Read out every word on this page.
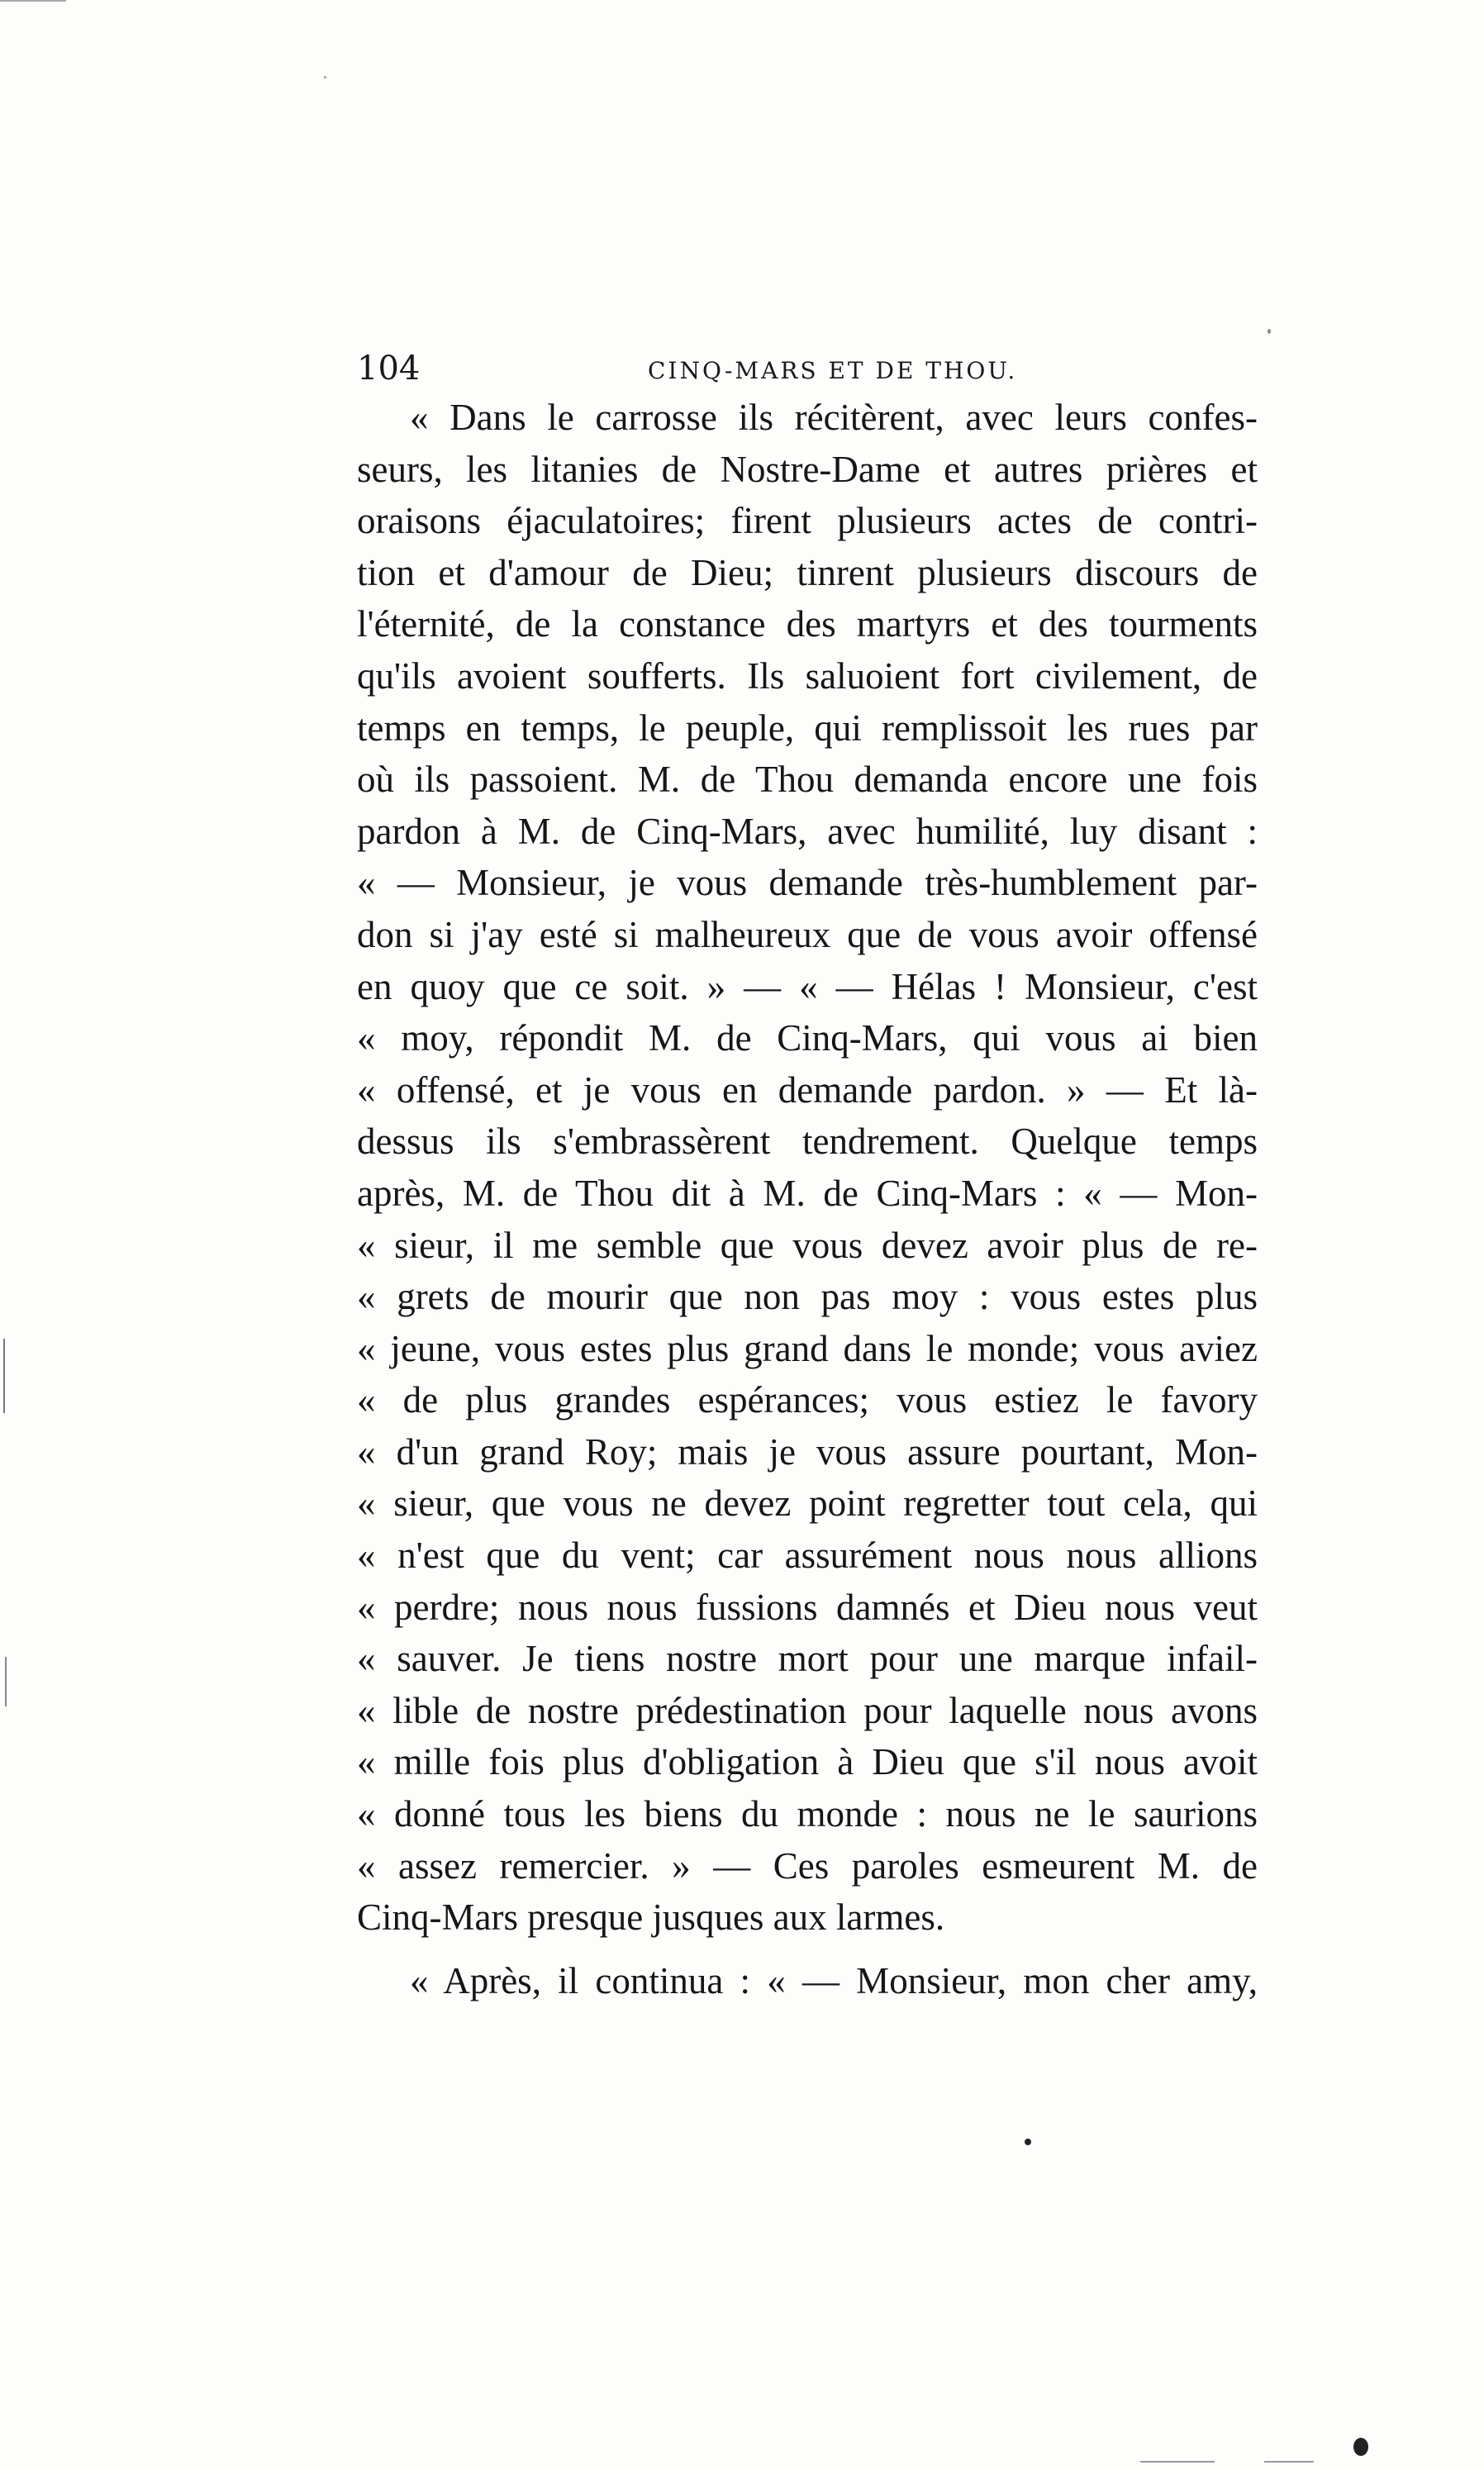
104	CINQ-MARS ET DE THOU.
« Dans le carrosse ils récitèrent, avec leurs confes-
seurs, les litanies de Nostre-Dame et autres prières et
oraisons éjaculatoires; firent plusieurs actes de contri-
tion et d'amour de Dieu; tinrent plusieurs discours de
l'éternité, de la constance des martyrs et des tourments
qu'ils avoient soufferts. Ils saluoient fort civilement, de
temps en temps, le peuple, qui remplissoit les rues par
où ils passoient. M. de Thou demanda encore une fois
pardon à M. de Cinq-Mars, avec humilité, luy disant :
« — Monsieur, je vous demande très-humblement par-
don si j'ay esté si malheureux que de vous avoir offensé
en quoy que ce soit. » — « — Hélas ! Monsieur, c'est
« moy, répondit M. de Cinq-Mars, qui vous ai bien
« offensé, et je vous en demande pardon. » — Et là-
dessus ils s'embrassèrent tendrement. Quelque temps
après, M. de Thou dit à M. de Cinq-Mars : « — Mon-
« sieur, il me semble que vous devez avoir plus de re-
« grets de mourir que non pas moy : vous estes plus
« jeune, vous estes plus grand dans le monde; vous aviez
« de plus grandes espérances; vous estiez le favory
« d'un grand Roy; mais je vous assure pourtant, Mon-
« sieur, que vous ne devez point regretter tout cela, qui
« n'est que du vent; car assurément nous nous allions
« perdre; nous nous fussions damnés et Dieu nous veut
« sauver. Je tiens nostre mort pour une marque infail-
« lible de nostre prédestination pour laquelle nous avons
« mille fois plus d'obligation à Dieu que s'il nous avoit
« donné tous les biens du monde : nous ne le saurions
« assez remercier. » — Ces paroles esmeurent M. de
Cinq-Mars presque jusques aux larmes.
« Après, il continua : « — Monsieur, mon cher amy,
